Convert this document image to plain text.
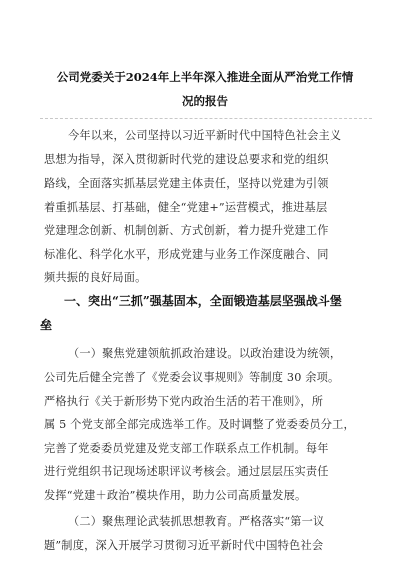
公司党委关于2024年上半年深入推进全面从严治党工作情
况的报告
今年以来，公司坚持以习近平新时代中国特色社会主义
思想为指导，深入贯彻新时代党的建设总要求和党的组织
路线，全面落实抓基层党建主体责任，坚持以党建为引领
着重抓基层、打基础，健全“党建+”运营模式，推进基层
党建理念创新、机制创新、方式创新，着力提升党建工作
标准化、科学化水平，形成党建与业务工作深度融合、同
频共振的良好局面。
一、突出“三抓”强基固本，全面锻造基层坚强战斗堡
垒
（一）聚焦党建领航抓政治建设。以政治建设为统领，
公司先后健全完善了《党委会议事规则》等制度 30 余项。
严格执行《关于新形势下党内政治生活的若干准则》，所
属 5 个党支部全部完成选举工作。及时调整了党委委员分工，
完善了党委委员党建及党支部工作联系点工作机制。每年
进行党组织书记现场述职评议考核会。通过层层压实责任
发挥“党建＋政治”模块作用，助力公司高质量发展。
（二）聚焦理论武装抓思想教育。严格落实“第一议
题”制度，深入开展学习贯彻习近平新时代中国特色社会
